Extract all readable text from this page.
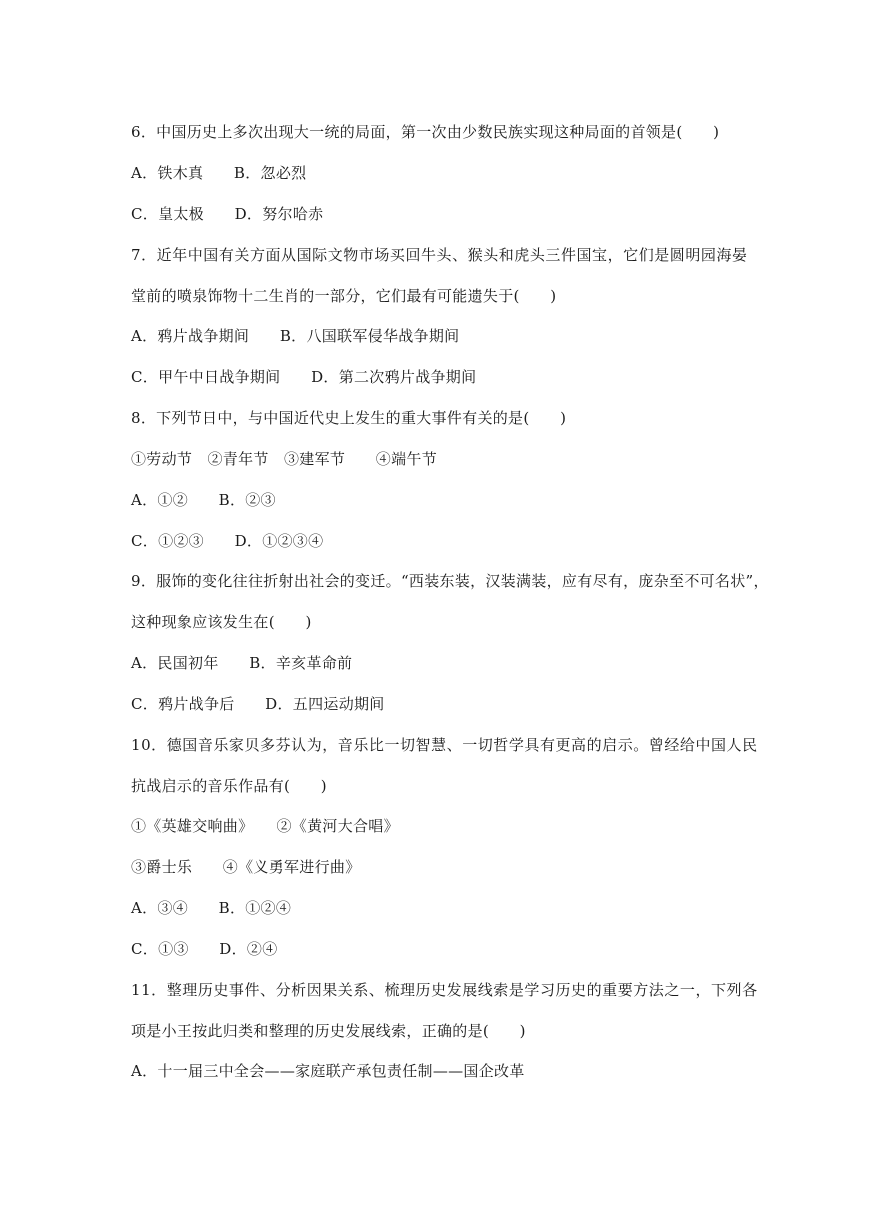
6．中国历史上多次出现大一统的局面，第一次由少数民族实现这种局面的首领是(　　)
A．铁木真　　B．忽必烈
C．皇太极　　D．努尔哈赤
7．近年中国有关方面从国际文物市场买回牛头、猴头和虎头三件国宝，它们是圆明园海晏
堂前的喷泉饰物十二生肖的一部分，它们最有可能遗失于(　　)
A．鸦片战争期间　　B．八国联军侵华战争期间
C．甲午中日战争期间　　D．第二次鸦片战争期间
8．下列节日中，与中国近代史上发生的重大事件有关的是(　　)
①劳动节　②青年节　③建军节　　④端午节
A．①②　　B．②③
C．①②③　　D．①②③④
9．服饰的变化往往折射出社会的变迁。“西装东装，汉装满装，应有尽有，庞杂至不可名状”，
这种现象应该发生在(　　)
A．民国初年　　B．辛亥革命前
C．鸦片战争后　　D．五四运动期间
10．德国音乐家贝多芬认为，音乐比一切智慧、一切哲学具有更高的启示。曾经给中国人民
抗战启示的音乐作品有(　　)
①《英雄交响曲》　　②《黄河大合唱》
③爵士乐　　④《义勇军进行曲》
A．③④　　B．①②④
C．①③　　D．②④
11．整理历史事件、分析因果关系、梳理历史发展线索是学习历史的重要方法之一，下列各
项是小王按此归类和整理的历史发展线索，正确的是(　　)
A．十一届三中全会——家庭联产承包责任制——国企改革
